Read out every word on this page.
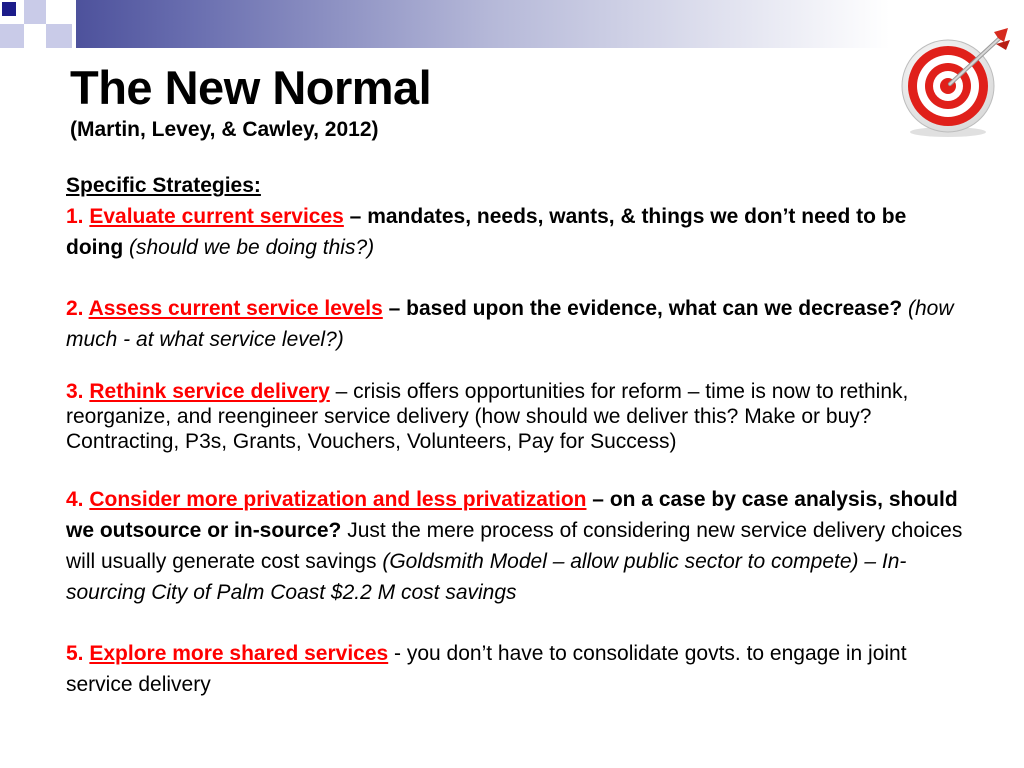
The New Normal
(Martin, Levey, & Cawley, 2012)

Specific Strategies:

1. Evaluate current services – mandates, needs, wants, & things we don’t need to be doing (should we be doing this?)

2. Assess current service levels – based upon the evidence, what can we decrease? (how much - at what service level?)

3. Rethink service delivery – crisis offers opportunities for reform – time is now to rethink, reorganize, and reengineer service delivery (how should we deliver this? Make or buy? Contracting, P3s, Grants, Vouchers, Volunteers, Pay for Success)

4. Consider more privatization and less privatization – on a case by case analysis, should we outsource or in-source? Just the mere process of considering new service delivery choices will usually generate cost savings (Goldsmith Model – allow public sector to compete) – In-sourcing City of Palm Coast $2.2 M cost savings

5. Explore more shared services - you don’t have to consolidate govts. to engage in joint service delivery
